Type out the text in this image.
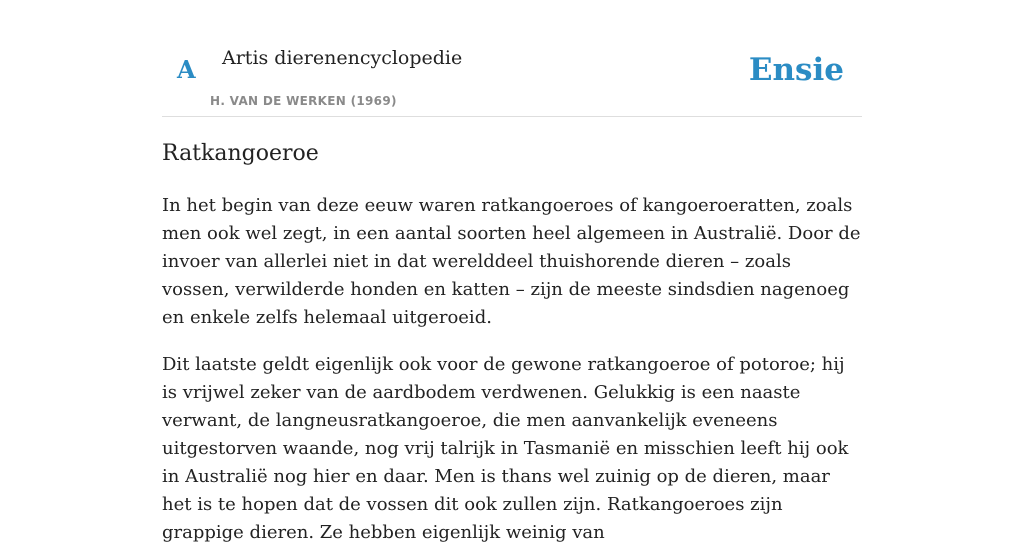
A Artis dierenencyclopedie
H. VAN DE WERKEN (1969)
Ensie
Ratkangoeroe

In het begin van deze eeuw waren ratkangoeroes of kangoeroeratten, zoals men ook wel zegt, in een aantal soorten heel algemeen in Australië. Door de invoer van allerlei niet in dat werelddeel thuishorende dieren – zoals vossen, verwilderde honden en katten – zijn de meeste sindsdien nagenoeg en enkele zelfs helemaal uitgeroeid.

Dit laatste geldt eigenlijk ook voor de gewone ratkangoeroe of potoroe; hij is vrijwel zeker van de aardbodem verdwenen. Gelukkig is een naaste verwant, de langneusratkangoeroe, die men aanvankelijk eveneens uitgestorven waande, nog vrij talrijk in Tasmanië en misschien leeft hij ook in Australië nog hier en daar. Men is thans wel zuinig op de dieren, maar het is te hopen dat de vossen dit ook zullen zijn. Ratkangoeroes zijn grappige dieren. Ze hebben eigenlijk weinig van
